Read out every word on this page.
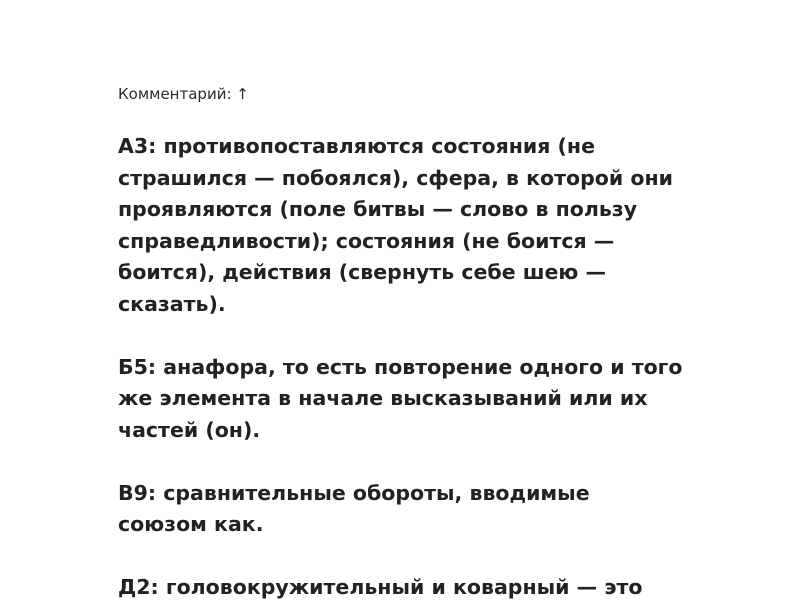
Комментарий: ↑

А3: противопоставляются состояния (не
страшился — побоялся), сфера, в которой они
проявляются (поле битвы — слово в пользу
справедливости); состояния (не боится —
боится), действия (свернуть себе шею —
сказать).

Б5: анафора, то есть повторение одного и того
же элемента в начале высказываний или их
частей (он).

В9: сравнительные обороты, вводимые
союзом как.

Д2: головокружительный и коварный — это
